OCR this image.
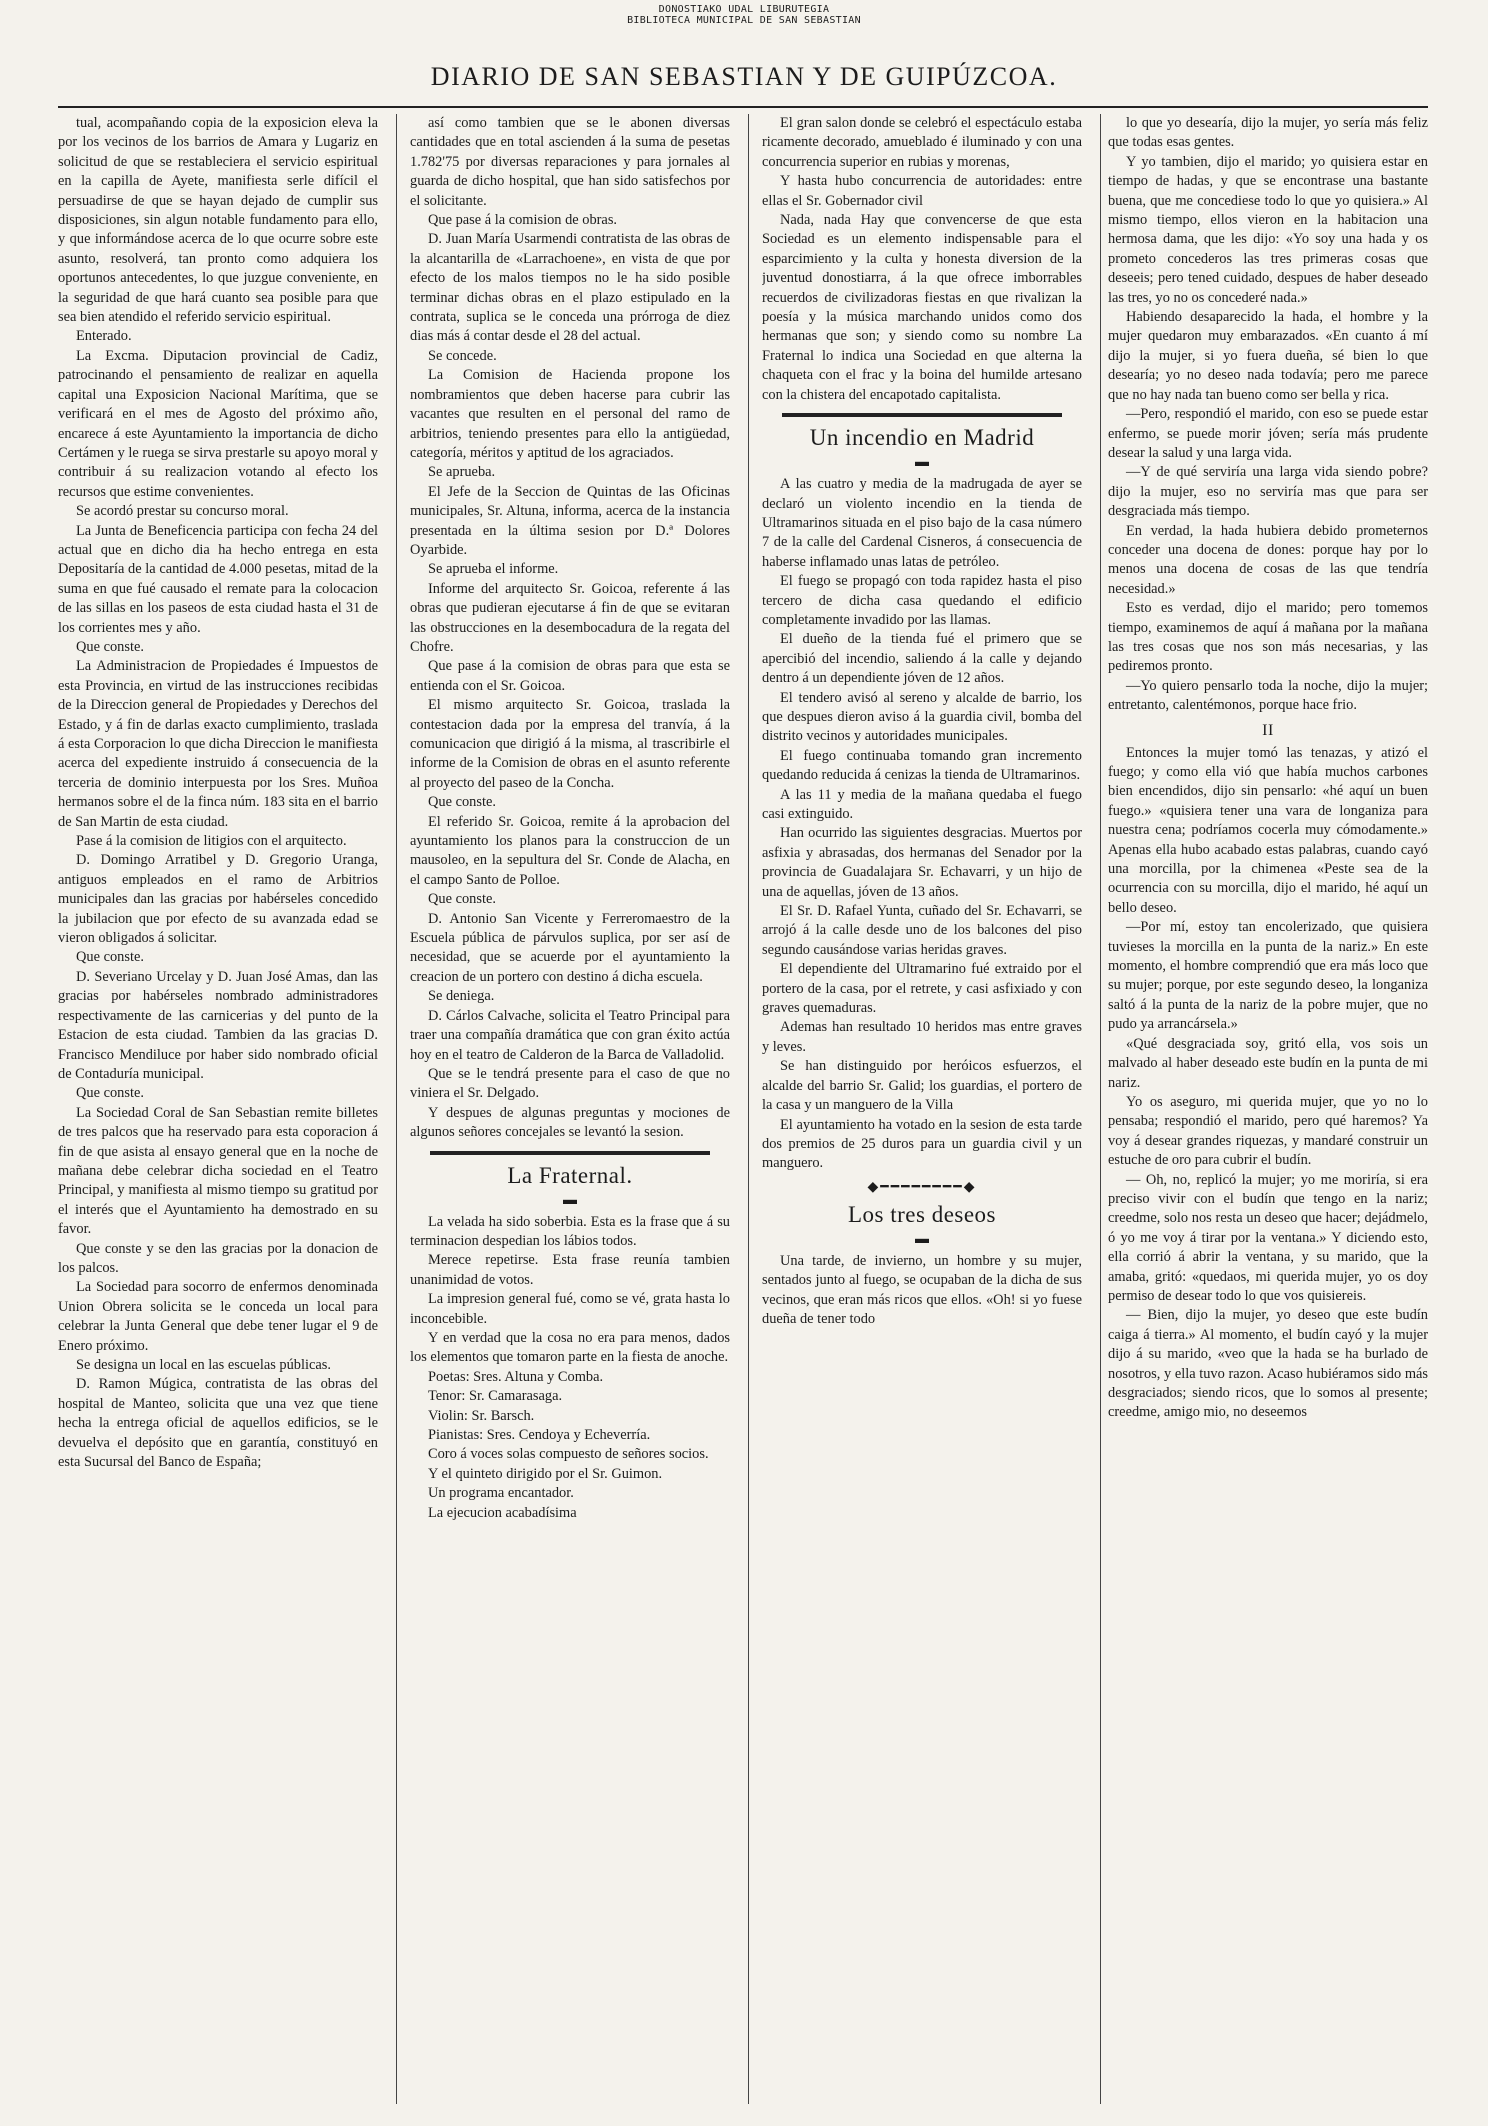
DONOSTIAKO UDAL LIBURUTEGIA
BIBLIOTECA MUNICIPAL DE SAN SEBASTIAN
DIARIO DE SAN SEBASTIAN Y DE GUIPÚZCOA.

tual, acompañando copia de la exposicion eleva la por los vecinos de los barrios de Amara y Lugariz en solicitud de que se restableciera el servicio espiritual en la capilla de Ayete, manifiesta serle difícil el persuadirse de que se hayan dejado de cumplir sus disposiciones, sin algun notable fundamento para ello, y que informándose acerca de lo que ocurre sobre este asunto, resolverá, tan pronto como adquiera los oportunos antecedentes, lo que juzgue conveniente, en la seguridad de que hará cuanto sea posible para que sea bien atendido el referido servicio espiritual.

Enterado.

La Excma. Diputacion provincial de Cadiz, patrocinando el pensamiento de realizar en aquella capital una Exposicion Nacional Marítima, que se verificará en el mes de Agosto del próximo año, encarece á este Ayuntamiento la importancia de dicho Certámen y le ruega se sirva prestarle su apoyo moral y contribuir á su realizacion votando al efecto los recursos que estime convenientes.

Se acordó prestar su concurso moral.

La Junta de Beneficencia participa con fecha 24 del actual que en dicho dia ha hecho entrega en esta Depositaría de la cantidad de 4.000 pesetas, mitad de la suma en que fué causado el remate para la colocacion de las sillas en los paseos de esta ciudad hasta el 31 de los corrientes mes y año.

Que conste.

La Administracion de Propiedades é Impuestos de esta Provincia, en virtud de las instrucciones recibidas de la Direccion general de Propiedades y Derechos del Estado, y á fin de darlas exacto cumplimiento, traslada á esta Corporacion lo que dicha Direccion le manifiesta acerca del expediente instruido á consecuencia de la terceria de dominio interpuesta por los Sres. Muñoa hermanos sobre el de la finca núm. 183 sita en el barrio de San Martin de esta ciudad.

Pase á la comision de litigios con el arquitecto.

D. Domingo Arratibel y D. Gregorio Uranga, antiguos empleados en el ramo de Arbitrios municipales dan las gracias por habérseles concedido la jubilacion que por efecto de su avanzada edad se vieron obligados á solicitar.

Que conste.

D. Severiano Urcelay y D. Juan José Amas, dan las gracias por habérseles nombrado administradores respectivamente de las carnicerias y del punto de la Estacion de esta ciudad. Tambien da las gracias D. Francisco Mendiluce por haber sido nombrado oficial de Contaduría municipal.

Que conste.

La Sociedad Coral de San Sebastian remite billetes de tres palcos que ha reservado para esta coporacion á fin de que asista al ensayo general que en la noche de mañana debe celebrar dicha sociedad en el Teatro Principal, y manifiesta al mismo tiempo su gratitud por el interés que el Ayuntamiento ha demostrado en su favor.

Que conste y se den las gracias por la donacion de los palcos.

La Sociedad para socorro de enfermos denominada Union Obrera solicita se le conceda un local para celebrar la Junta General que debe tener lugar el 9 de Enero próximo.

Se designa un local en las escuelas públicas.

D. Ramon Múgica, contratista de las obras del hospital de Manteo, solicita que una vez que tiene hecha la entrega oficial de aquellos edificios, se le devuelva el depósito que en garantía, constituyó en esta Sucursal del Banco de España;

así como tambien que se le abonen diversas cantidades que en total ascienden á la suma de pesetas 1.782'75 por diversas reparaciones y para jornales al guarda de dicho hospital, que han sido satisfechos por el solicitante.

Que pase á la comision de obras.

D. Juan María Usarmendi contratista de las obras de la alcantarilla de «Larrachoene», en vista de que por efecto de los malos tiempos no le ha sido posible terminar dichas obras en el plazo estipulado en la contrata, suplica se le conceda una prórroga de diez dias más á contar desde el 28 del actual.

Se concede.

La Comision de Hacienda propone los nombramientos que deben hacerse para cubrir las vacantes que resulten en el personal del ramo de arbitrios, teniendo presentes para ello la antigüedad, categoría, méritos y aptitud de los agraciados.

Se aprueba.

El Jefe de la Seccion de Quintas de las Oficinas municipales, Sr. Altuna, informa, acerca de la instancia presentada en la última sesion por D.ª Dolores Oyarbide.

Se aprueba el informe.

Informe del arquitecto Sr. Goicoa, referente á las obras que pudieran ejecutarse á fin de que se evitaran las obstrucciones en la desembocadura de la regata del Chofre.

Que pase á la comision de obras para que esta se entienda con el Sr. Goicoa.

El mismo arquitecto Sr. Goicoa, traslada la contestacion dada por la empresa del tranvía, á la comunicacion que dirigió á la misma, al trascribirle el informe de la Comision de obras en el asunto referente al proyecto del paseo de la Concha.

Que conste.

El referido Sr. Goicoa, remite á la aprobacion del ayuntamiento los planos para la construccion de un mausoleo, en la sepultura del Sr. Conde de Alacha, en el campo Santo de Polloe.

Que conste.

D. Antonio San Vicente y Ferreromaestro de la Escuela pública de párvulos suplica, por ser así de necesidad, que se acuerde por el ayuntamiento la creacion de un portero con destino á dicha escuela.

Se deniega.

D. Cárlos Calvache, solicita el Teatro Principal para traer una compañía dramática que con gran éxito actúa hoy en el teatro de Calderon de la Barca de Valladolid.

Que se le tendrá presente para el caso de que no viniera el Sr. Delgado.

Y despues de algunas preguntas y mociones de algunos señores concejales se levantó la sesion.

La Fraternal.
▬

La velada ha sido soberbia. Esta es la frase que á su terminacion despedian los lábios todos.

Merece repetirse. Esta frase reunía tambien unanimidad de votos.

La impresion general fué, como se vé, grata hasta lo inconcebible.

Y en verdad que la cosa no era para menos, dados los elementos que tomaron parte en la fiesta de anoche.

Poetas: Sres. Altuna y Comba.

Tenor: Sr. Camarasaga.

Violin: Sr. Barsch.

Pianistas: Sres. Cendoya y Echeverría.

Coro á voces solas compuesto de señores socios.

Y el quinteto dirigido por el Sr. Guimon.

Un programa encantador.

La ejecucion acabadísima

El gran salon donde se celebró el espectáculo estaba ricamente decorado, amueblado é iluminado y con una concurrencia superior en rubias y morenas,

Y hasta hubo concurrencia de autoridades: entre ellas el Sr. Gobernador civil

Nada, nada Hay que convencerse de que esta Sociedad es un elemento indispensable para el esparcimiento y la culta y honesta diversion de la juventud donostiarra, á la que ofrece imborrables recuerdos de civilizadoras fiestas en que rivalizan la poesía y la música marchando unidos como dos hermanas que son; y siendo como su nombre La Fraternal lo indica una Sociedad en que alterna la chaqueta con el frac y la boina del humilde artesano con la chistera del encapotado capitalista.

Un incendio en Madrid
▬

A las cuatro y media de la madrugada de ayer se declaró un violento incendio en la tienda de Ultramarinos situada en el piso bajo de la casa número 7 de la calle del Cardenal Cisneros, á consecuencia de haberse inflamado unas latas de petróleo.

El fuego se propagó con toda rapidez hasta el piso tercero de dicha casa quedando el edificio completamente invadido por las llamas.

El dueño de la tienda fué el primero que se apercibió del incendio, saliendo á la calle y dejando dentro á un dependiente jóven de 12 años.

El tendero avisó al sereno y alcalde de barrio, los que despues dieron aviso á la guardia civil, bomba del distrito vecinos y autoridades municipales.

El fuego continuaba tomando gran incremento quedando reducida á cenizas la tienda de Ultramarinos.

A las 11 y media de la mañana quedaba el fuego casi extinguido.

Han ocurrido las siguientes desgracias. Muertos por asfixia y abrasadas, dos hermanas del Senador por la provincia de Guadalajara Sr. Echavarri, y un hijo de una de aquellas, jóven de 13 años.

El Sr. D. Rafael Yunta, cuñado del Sr. Echavarri, se arrojó á la calle desde uno de los balcones del piso segundo causándose varias heridas graves.

El dependiente del Ultramarino fué extraido por el portero de la casa, por el retrete, y casi asfixiado y con graves quemaduras.

Ademas han resultado 10 heridos mas entre graves y leves.

Se han distinguido por heróicos esfuerzos, el alcalde del barrio Sr. Galid; los guardias, el portero de la casa y un manguero de la Villa

El ayuntamiento ha votado en la sesion de esta tarde dos premios de 25 duros para un guardia civil y un manguero.

◆━━━━━━━━◆
Los tres deseos
▬

Una tarde, de invierno, un hombre y su mujer, sentados junto al fuego, se ocupaban de la dicha de sus vecinos, que eran más ricos que ellos. «Oh! si yo fuese dueña de tener todo

lo que yo desearía, dijo la mujer, yo sería más feliz que todas esas gentes.

Y yo tambien, dijo el marido; yo quisiera estar en tiempo de hadas, y que se encontrase una bastante buena, que me concediese todo lo que yo quisiera.» Al mismo tiempo, ellos vieron en la habitacion una hermosa dama, que les dijo: «Yo soy una hada y os prometo concederos las tres primeras cosas que deseeis; pero tened cuidado, despues de haber deseado las tres, yo no os concederé nada.»

Habiendo desaparecido la hada, el hombre y la mujer quedaron muy embarazados. «En cuanto á mí dijo la mujer, si yo fuera dueña, sé bien lo que desearía; yo no deseo nada todavía; pero me parece que no hay nada tan bueno como ser bella y rica.

—Pero, respondió el marido, con eso se puede estar enfermo, se puede morir jóven; sería más prudente desear la salud y una larga vida.

—Y de qué serviría una larga vida siendo pobre? dijo la mujer, eso no serviría mas que para ser desgraciada más tiempo.

En verdad, la hada hubiera debido prometernos conceder una docena de dones: porque hay por lo menos una docena de cosas de las que tendría necesidad.»

Esto es verdad, dijo el marido; pero tomemos tiempo, examinemos de aquí á mañana por la mañana las tres cosas que nos son más necesarias, y las pediremos pronto.

—Yo quiero pensarlo toda la noche, dijo la mujer; entretanto, calentémonos, porque hace frio.

II

Entonces la mujer tomó las tenazas, y atizó el fuego; y como ella vió que había muchos carbones bien encendidos, dijo sin pensarlo: «hé aquí un buen fuego.» «quisiera tener una vara de longaniza para nuestra cena; podríamos cocerla muy cómodamente.» Apenas ella hubo acabado estas palabras, cuando cayó una morcilla, por la chimenea «Peste sea de la ocurrencia con su morcilla, dijo el marido, hé aquí un bello deseo.

—Por mí, estoy tan encolerizado, que quisiera tuvieses la morcilla en la punta de la nariz.» En este momento, el hombre comprendió que era más loco que su mujer; porque, por este segundo deseo, la longaniza saltó á la punta de la nariz de la pobre mujer, que no pudo ya arrancársela.»

«Qué desgraciada soy, gritó ella, vos sois un malvado al haber deseado este budín en la punta de mi nariz.

Yo os aseguro, mi querida mujer, que yo no lo pensaba; respondió el marido, pero qué haremos? Ya voy á desear grandes riquezas, y mandaré construir un estuche de oro para cubrir el budín.

— Oh, no, replicó la mujer; yo me moriría, si era preciso vivir con el budín que tengo en la nariz; creedme, solo nos resta un deseo que hacer; dejádmelo, ó yo me voy á tirar por la ventana.» Y diciendo esto, ella corrió á abrir la ventana, y su marido, que la amaba, gritó: «quedaos, mi querida mujer, yo os doy permiso de desear todo lo que vos quisiereis.

— Bien, dijo la mujer, yo deseo que este budín caiga á tierra.» Al momento, el budín cayó y la mujer dijo á su marido, «veo que la hada se ha burlado de nosotros, y ella tuvo razon. Acaso hubiéramos sido más desgraciados; siendo ricos, que lo somos al presente; creedme, amigo mio, no deseemos
